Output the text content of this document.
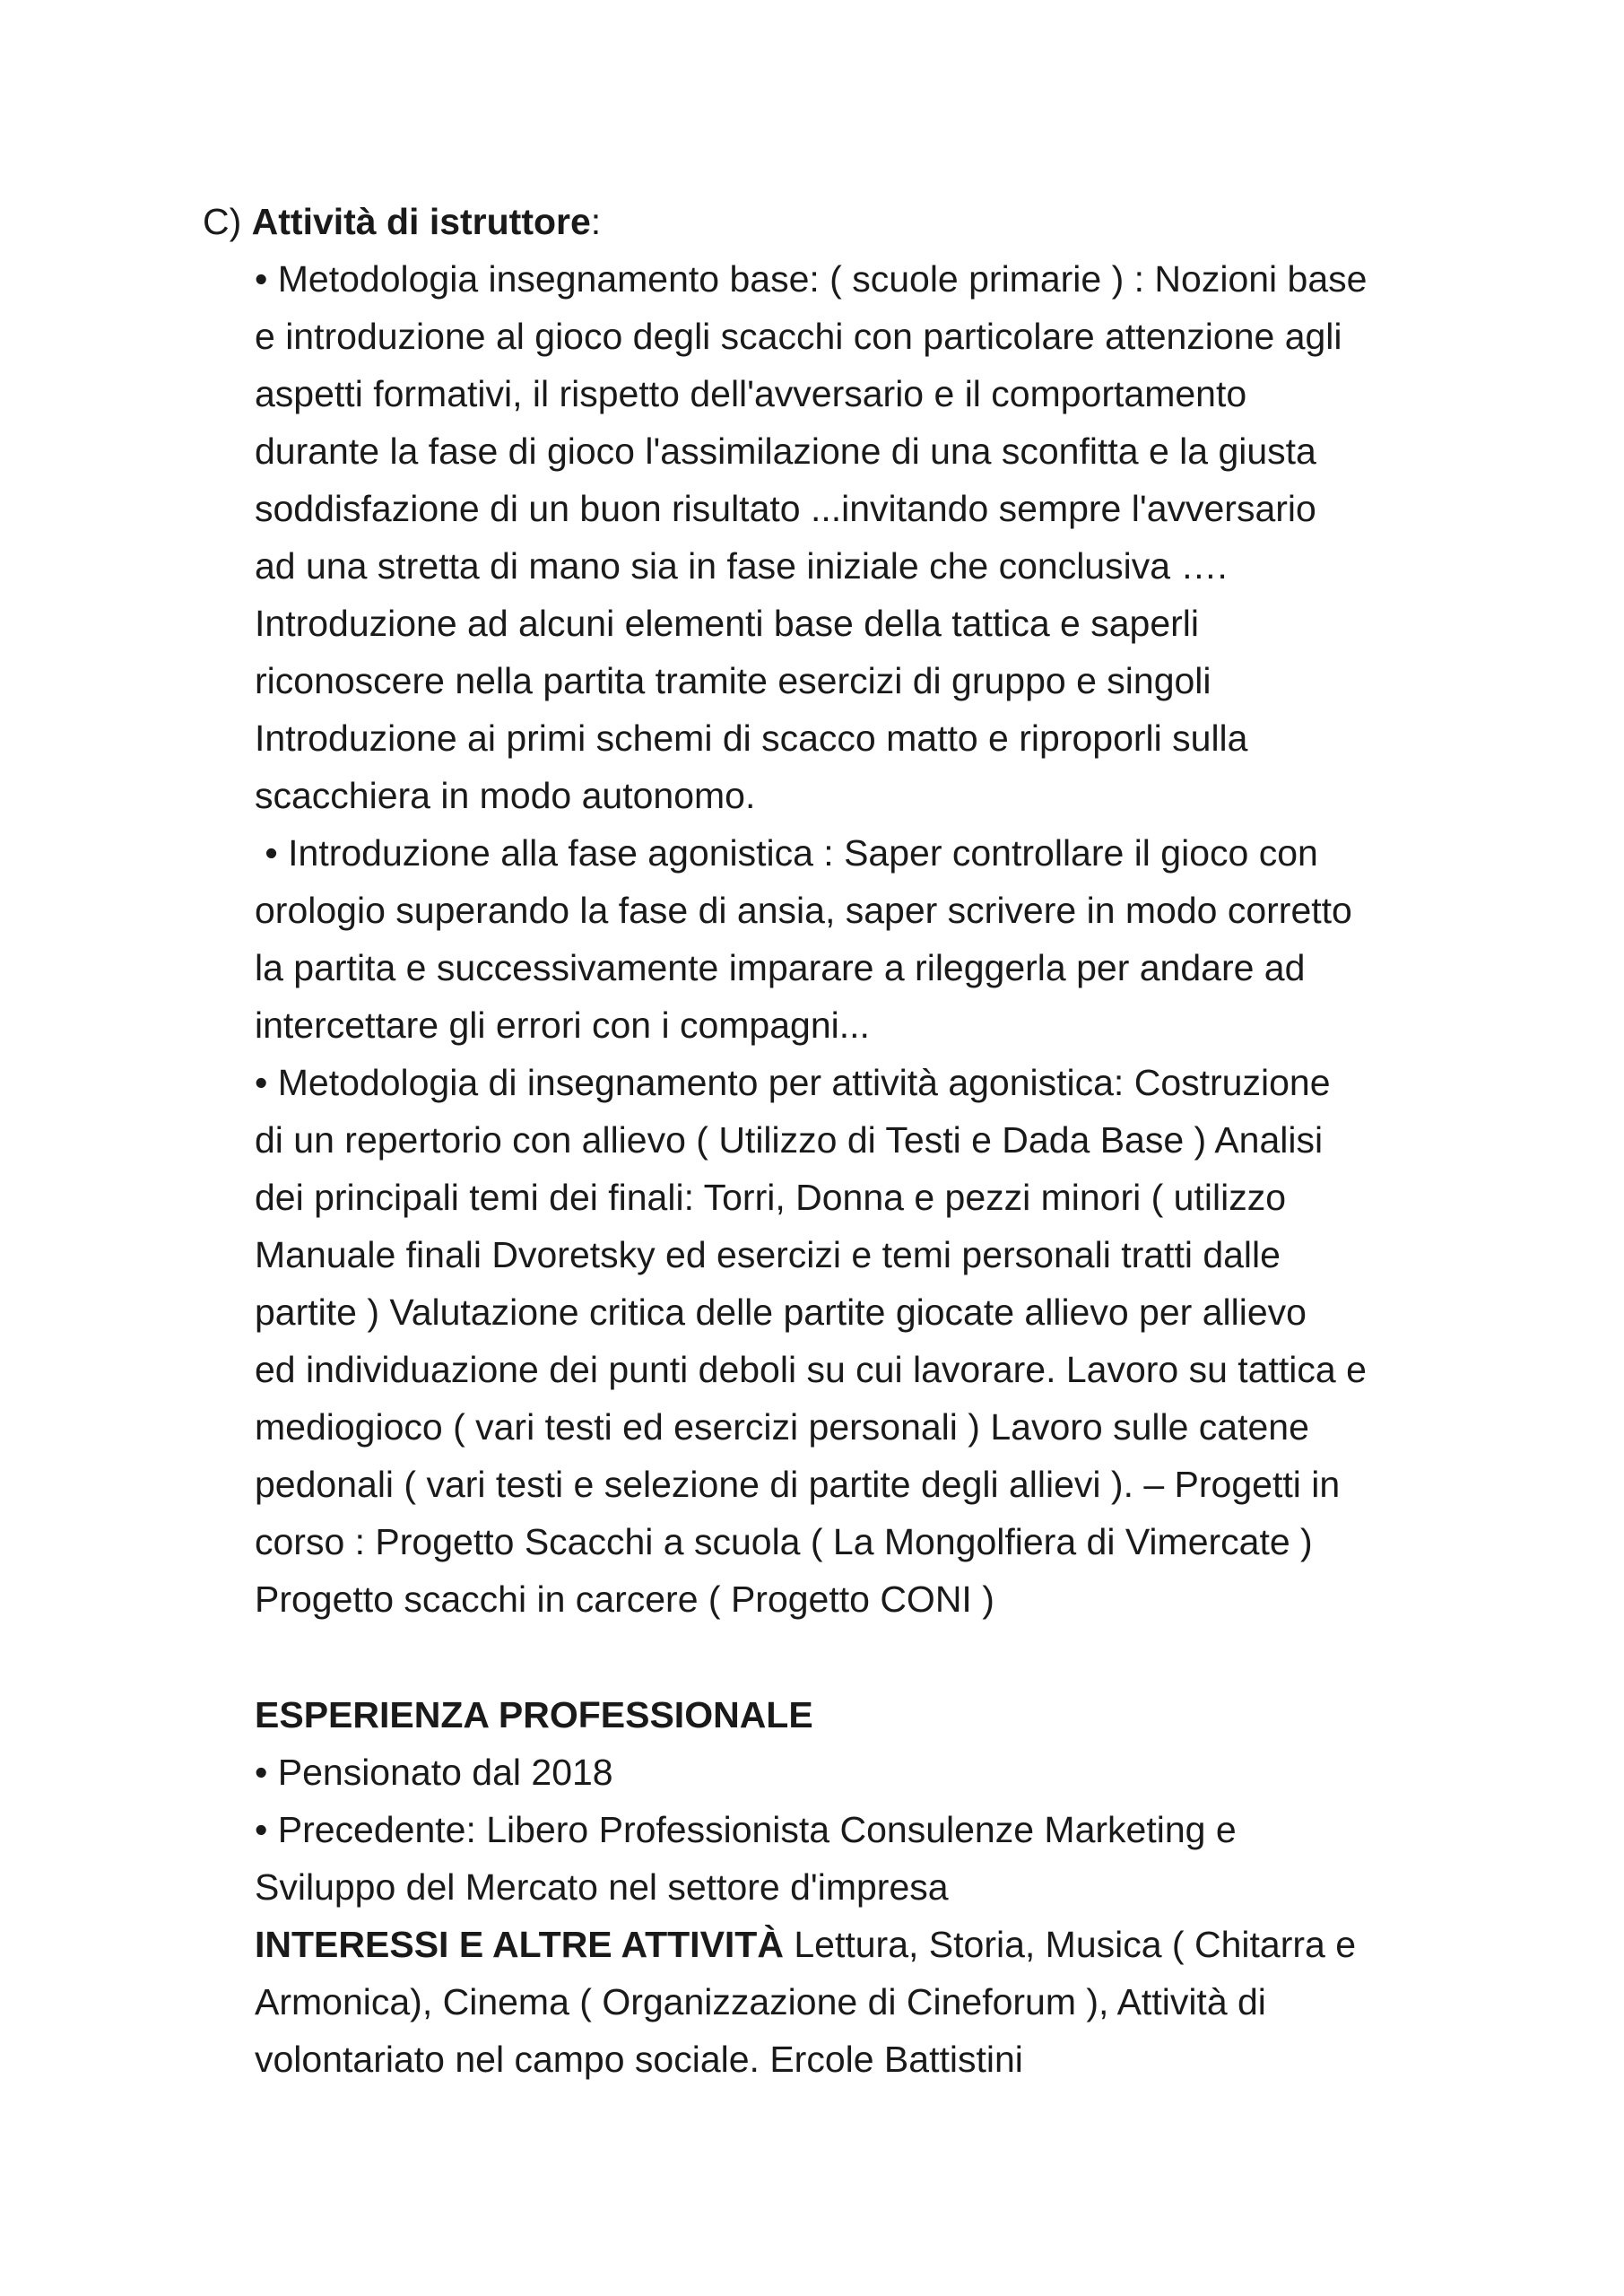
C) Attività di istruttore:
• Metodologia insegnamento base: ( scuole primarie ) : Nozioni base
e introduzione al gioco degli scacchi con particolare attenzione agli
aspetti formativi, il rispetto dell'avversario e il comportamento
durante la fase di gioco l'assimilazione di una sconfitta e la giusta
soddisfazione di un buon risultato ...invitando sempre l'avversario
ad una stretta di mano sia in fase iniziale che conclusiva ….
Introduzione ad alcuni elementi base della tattica e saperli
riconoscere nella partita tramite esercizi di gruppo e singoli
Introduzione ai primi schemi di scacco matto e riproporli sulla
scacchiera in modo autonomo.
• Introduzione alla fase agonistica : Saper controllare il gioco con
orologio superando la fase di ansia, saper scrivere in modo corretto
la partita e successivamente imparare a rileggerla per andare ad
intercettare gli errori con i compagni...
• Metodologia di insegnamento per attività agonistica: Costruzione
di un repertorio con allievo ( Utilizzo di Testi e Dada Base ) Analisi
dei principali temi dei finali: Torri, Donna e pezzi minori ( utilizzo
Manuale finali Dvoretsky ed esercizi e temi personali tratti dalle
partite ) Valutazione critica delle partite giocate allievo per allievo
ed individuazione dei punti deboli su cui lavorare. Lavoro su tattica e
mediogioco ( vari testi ed esercizi personali ) Lavoro sulle catene
pedonali ( vari testi e selezione di partite degli allievi ). – Progetti in
corso : Progetto Scacchi a scuola ( La Mongolfiera di Vimercate )
Progetto scacchi in carcere ( Progetto CONI )
ESPERIENZA PROFESSIONALE
• Pensionato dal 2018
• Precedente: Libero Professionista Consulenze Marketing e
Sviluppo del Mercato nel settore d'impresa
INTERESSI E ALTRE ATTIVITÀ Lettura, Storia, Musica ( Chitarra e
Armonica), Cinema ( Organizzazione di Cineforum ), Attività di
volontariato nel campo sociale. Ercole Battistini
